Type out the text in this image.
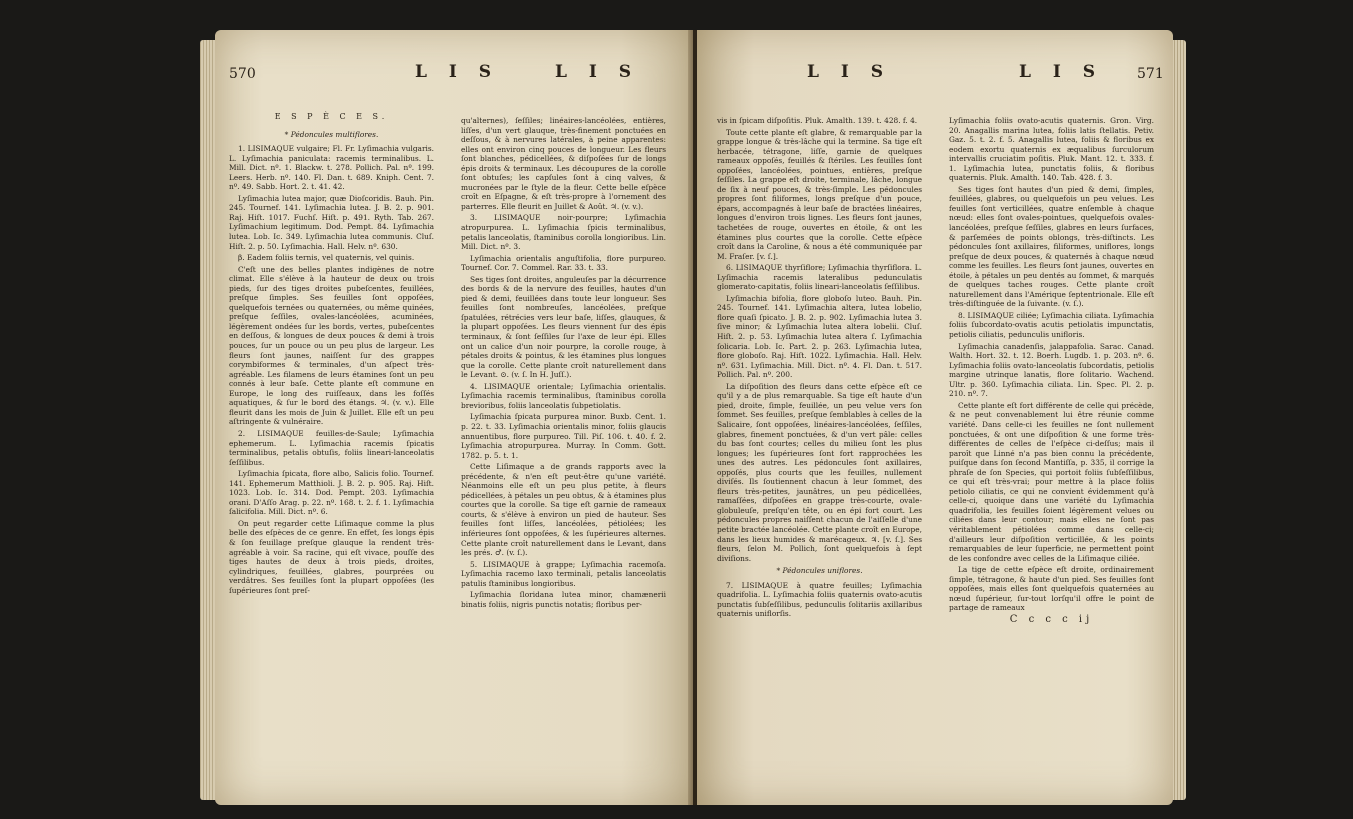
570	L I S	L I S
E S P È C E S.
* Pédoncules multiflores.

1. LISIMAQUE vulgaire; Fl. Fr. Lyſimachia vulgaris. L. Lyſimachia paniculata: racemis terminalibus. L. Mill. Dict. nº. 1. Blackw. t. 278. Pollich. Pal. nº. 199. Leers. Herb. nº. 140. Fl. Dan. t. 689. Kniph. Cent. 7. nº. 49. Sabb. Hort. 2. t. 41. 42.

Lyſimachia lutea major, quæ Dioſcoridis. Bauh. Pin. 245. Tournef. 141. Lyſimachia lutea. J. B. 2. p. 901. Raj. Hiſt. 1017. Fuchſ. Hiſt. p. 491. Ryth. Tab. 267. Lyſimachium legitimum. Dod. Pempt. 84. Lyſimachia lutea. Lob. Ic. 349. Lyſimachia lutea communis. Cluſ. Hiſt. 2. p. 50. Lyſimachia. Hall. Helv. nº. 630.

β. Eadem foliis ternis, vel quaternis, vel quinis.

C'eſt une des belles plantes indigènes de notre climat. Elle s'élève à la hauteur de deux ou trois pieds, ſur des tiges droites pubeſcentes, feuillées, preſque ſimples. Ses feuilles ſont oppoſées, quelquefois ternées ou quaternées, ou même quinées, preſque ſeſſiles, ovales-lancéolées, acuminées, légèrement ondées ſur les bords, vertes, pubeſcentes en deſſous, & longues de deux pouces & demi à trois pouces, ſur un pouce ou un peu plus de largeur. Les fleurs ſont jaunes, naiſſent ſur des grappes corymbiformes & terminales, d'un aſpect très-agréable. Les filamens de leurs étamines ſont un peu connés à leur baſe. Cette plante eſt commune en Europe, le long des ruiſſeaux, dans les foſſés aquatiques, & ſur le bord des étangs. ♃. (v. v.). Elle fleurit dans les mois de Juin & Juillet. Elle eſt un peu aſtringente & vulnéraire.

2. LISIMAQUE feuilles-de-Saule; Lyſimachia ephemerum. L. Lyſimachia racemis ſpicatis terminalibus, petalis obtuſis, foliis lineari-lanceolatis ſeſſilibus.

Lyſimachia ſpicata, flore albo, Salicis folio. Tournef. 141. Ephemerum Matthioli. J. B. 2. p. 905. Raj. Hiſt. 1023. Lob. Ic. 314. Dod. Pempt. 203. Lyſimachia orani. D'Aſſo Arag. p. 22. nº. 168. t. 2. f. 1. Lyſimachia ſalicifolia. Mill. Dict. nº. 6.

On peut regarder cette Liſimaque comme la plus belle des eſpèces de ce genre. En effet, ſes longs épis & ſon feuillage preſque glauque la rendent très-agréable à voir. Sa racine, qui eſt vivace, pouſſe des tiges hautes de deux à trois pieds, droites, cylindriques, feuillées, glabres, pourprées ou verdâtres. Ses feuilles ſont la plupart oppoſées (les ſupérieures ſont preſ-

qu'alternes), ſeſſiles; linéaires-lancéolées, entières, liſſes, d'un vert glauque, très-finement ponctuées en deſſous, & à nervures latérales, à peine apparentes: elles ont environ cinq pouces de longueur. Les fleurs ſont blanches, pédicellées, & diſpoſées ſur de longs épis droits & terminaux. Les découpures de la corolle ſont obtuſes; les capſules ſont à cinq valves, & mucronées par le ſtyle de la fleur. Cette belle eſpèce croît en Eſpagne, & eſt très-propre à l'ornement des parterres. Elle fleurit en Juillet & Août. ♃. (v. v.).

3. LISIMAQUE noir-pourpre; Lyſimachia atropurpurea. L. Lyſimachia ſpicis terminalibus, petalis lanceolatis, ſtaminibus corolla longioribus. Lin. Mill. Dict. nº. 3.

Lyſimachia orientalis anguſtifolia, flore purpureo. Tournef. Cor. 7. Commel. Rar. 33. t. 33.

Ses tiges ſont droites, anguleuſes par la décurrence des bords & de la nervure des feuilles, hautes d'un pied & demi, feuillées dans toute leur longueur. Ses feuilles ſont nombreuſes, lancéolées, preſque ſpatulées, rétrécies vers leur baſe, liſſes, glauques, & la plupart oppoſées. Les fleurs viennent ſur des épis terminaux, & ſont ſeſſiles ſur l'axe de leur épi. Elles ont un calice d'un noir pourpre, la corolle rouge, à pétales droits & pointus, & les étamines plus longues que la corolle. Cette plante croît naturellement dans le Levant. ⊙. (v. ſ. In H. Juſſ.).

4. LISIMAQUE orientale; Lyſimachia orientalis. Lyſimachia racemis terminalibus, ſtaminibus corolla brevioribus, foliis lanceolatis ſubpetiolatis.

Lyſimachia ſpicata purpurea minor. Buxb. Cent. 1. p. 22. t. 33. Lyſimachia orientalis minor, foliis glaucis annuentibus, flore purpureo. Till. Piſ. 106. t. 40. f. 2. Lyſimachia atropurpurea. Murray. In Comm. Gott. 1782. p. 5. t. 1.

Cette Liſimaque a de grands rapports avec la précédente, & n'en eſt peut-être qu'une variété. Néanmoins elle eſt un peu plus petite, à fleurs pédicellées, à pétales un peu obtus, & à étamines plus courtes que la corolle. Sa tige eſt garnie de rameaux courts, & s'élève à environ un pied de hauteur. Ses feuilles ſont liſſes, lancéolées, pétiolées; les inférieures ſont oppoſées, & les ſupérieures alternes. Cette plante croît naturellement dans le Levant, dans les prés. ♂. (v. ſ.).

5. LISIMAQUE à grappe; Lyſimachia racemoſa. Lyſimachia racemo laxo terminali, petalis lanceolatis patulis ſtaminibus longioribus.

Lyſimachia ſloridana lutea minor, chamænerii binatis foliis, nigris punctis notatis; floribus per-

L I S	L I S 571

vis in ſpicam diſpoſitis. Pluk. Amalth. 139. t. 428. f. 4.

Toute cette plante eſt glabre, & remarquable par la grappe longue & très-lâche qui la termine. Sa tige eſt herbacée, tétragone, liſſe, garnie de quelques rameaux oppoſés, feuillés & ſtériles. Les feuilles ſont oppoſées, lancéolées, pointues, entières, preſque ſeſſiles. La grappe eſt droite, terminale, lâche, longue de ſix à neuf pouces, & très-ſimple. Les pédoncules propres ſont filiformes, longs preſque d'un pouce, épars, accompagnés à leur baſe de bractées linéaires, longues d'environ trois lignes. Les fleurs ſont jaunes, tachetées de rouge, ouvertes en étoile, & ont les étamines plus courtes que la corolle. Cette eſpèce croît dans la Caroline, & nous a été communiquée par M. Fraſer. [v. ſ.].

6. LISIMAQUE thyrſiflore; Lyſimachia thyrſiflora. L. Lyſimachia racemis lateralibus pedunculatis glomerato-capitatis, foliis lineari-lanceolatis ſeſſilibus.

Lyſimachia bifolia, flore globoſo luteo. Bauh. Pin. 245. Tournef. 141. Lyſimachia altera, lutea lobelio, flore quaſi ſpicato. J. B. 2. p. 902. Lyſimachia lutea 3. ſive minor; & Lyſimachia lutea altera lobelii. Cluſ. Hiſt. 2. p. 53. Lyſimachia lutea altera ſ. Lyſimachia ſolicaria. Lob. Ic. Part. 2. p. 263. Lyſimachia lutea, flore globoſo. Raj. Hiſt. 1022. Lyſimachia. Hall. Helv. nº. 631. Lyſimachia. Mill. Dict. nº. 4. Fl. Dan. t. 517. Pollich. Pal. nº. 200.

La diſpoſition des fleurs dans cette eſpèce eſt ce qu'il y a de plus remarquable. Sa tige eſt haute d'un pied, droite, ſimple, feuillée, un peu velue vers ſon ſommet. Ses feuilles, preſque ſemblables à celles de la Salicaire, ſont oppoſées, linéaires-lancéolées, ſeſſiles, glabres, finement ponctuées, & d'un vert pâle: celles du bas ſont courtes; celles du milieu ſont les plus longues; les ſupérieures ſont fort rapprochées les unes des autres. Les pédoncules ſont axillaires, oppoſés, plus courts que les feuilles, nullement diviſés. Ils ſoutiennent chacun à leur ſommet, des fleurs très-petites, jaunâtres, un peu pédicellées, ramaſſées, diſpoſées en grappe très-courte, ovale-globuleuſe, preſqu'en tête, ou en épi fort court. Les pédoncules propres naiſſent chacun de l'aiſſelle d'une petite bractée lancéolée. Cette plante croît en Europe, dans les lieux humides & marécageux. ♃. [v. ſ.]. Ses fleurs, ſelon M. Pollich, ſont quelquefois à ſept diviſions.

* Pédoncules uniflores.

7. LISIMAQUE à quatre feuilles; Lyſimachia quadrifolia. L. Lyſimachia foliis quaternis ovato-acutis punctatis ſubſeſſilibus, pedunculis ſolitariis axillaribus quaternis uniflorſis.

Lyſimachia foliis ovato-acutis quaternis. Gron. Virg. 20. Anagallis marina lutea, foliis latis ſtellatis. Petiv. Gaz. 5. t. 2. f. 5. Anagallis lutea, foliis & floribus ex eodem exortu quaternis ex æqualibus ſurculorum intervallis cruciatim poſitis. Pluk. Mant. 12. t. 333. f. 1. Lyſimachia lutea, punctatis foliis, & floribus quaternis. Pluk. Amalth. 140. Tab. 428. f. 3.

Ses tiges ſont hautes d'un pied & demi, ſimples, feuillées, glabres, ou quelquefois un peu velues. Les feuilles ſont verticillées, quatre enſemble à chaque nœud: elles ſont ovales-pointues, quelquefois ovales-lancéolées, preſque ſeſſiles, glabres en leurs ſurfaces, & parſemées de points oblongs, très-diſtincts. Les pédoncules ſont axillaires, filiformes, uniflores, longs preſque de deux pouces, & quaternés à chaque nœud comme les feuilles. Les fleurs ſont jaunes, ouvertes en étoile, à pétales un peu dentés au ſommet, & marqués de quelques taches rouges. Cette plante croît naturellement dans l'Amérique ſeptentrionale. Elle eſt très-diſtinguée de la ſuivante. (v. ſ.).

8. LISIMAQUE ciliée; Lyſimachia ciliata. Lyſimachia foliis ſubcordato-ovatis acutis petiolatis impunctatis, petiolis ciliatis, pedunculis unifloris.

Lyſimachia canadenſis, jalappafolia. Sarac. Canad. Walth. Hort. 32. t. 12. Boerh. Lugdb. 1. p. 203. nº. 6. Lyſimachia foliis ovato-lanceolatis ſubcordatis, petiolis margine utrinque lanatis, flore ſolitario. Wachend. Ultr. p. 360. Lyſimachia ciliata. Lin. Spec. Pl. 2. p. 210. nº. 7.

Cette plante eſt fort différente de celle qui précède, & ne peut convenablement lui être réunie comme variété. Dans celle-ci les feuilles ne ſont nullement ponctuées, & ont une diſpoſition & une forme très-différentes de celles de l'eſpèce ci-deſſus; mais il paroît que Linné n'a pas bien connu la précédente, puiſque dans ſon ſecond Mantiſſa, p. 335, il corrige la phraſe de ſon Species, qui portoit foliis ſubſeſſilibus, ce qui eſt très-vrai; pour mettre à la place foliis petiolo ciliatis, ce qui ne convient évidemment qu'à celle-ci, quoique dans une variété du Lyſimachia quadrifolia, les feuilles ſoient légèrement velues ou ciliées dans leur contour; mais elles ne ſont pas véritablement pétiolées comme dans celle-ci; d'ailleurs leur diſpoſition verticillée, & les points remarquables de leur ſuperficie, ne permettent point de les confondre avec celles de la Liſimaque ciliée.

La tige de cette eſpèce eſt droite, ordinairement ſimple, tétragone, & haute d'un pied. Ses feuilles ſont oppoſées, mais elles ſont quelquefois quaternées au nœud ſupérieur, ſur-tout lorſqu'il offre le point de partage de rameaux

C c c c ij
